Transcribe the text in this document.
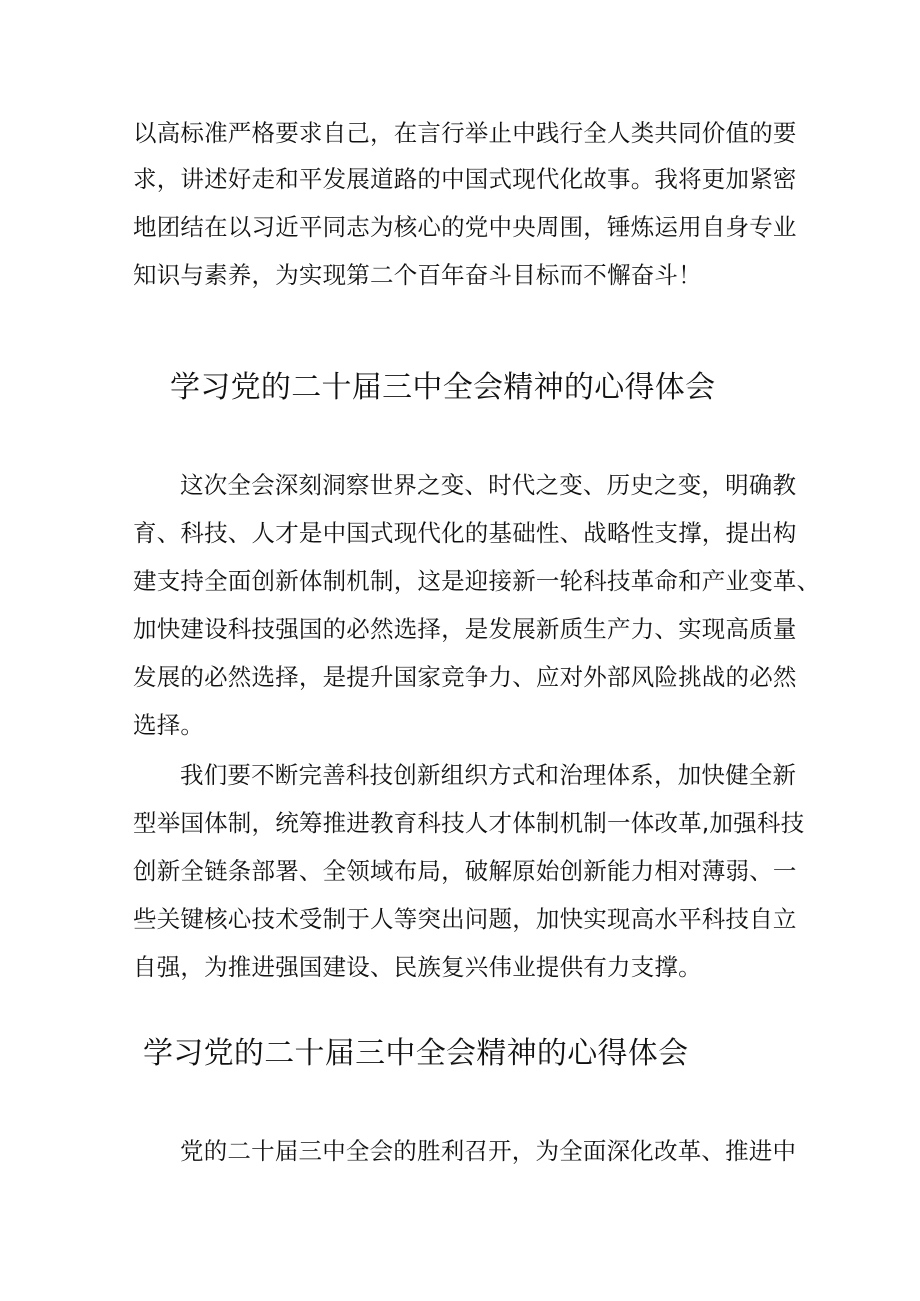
以高标准严格要求自己，在言行举止中践行全人类共同价值的要
求，讲述好走和平发展道路的中国式现代化故事。我将更加紧密
地团结在以习近平同志为核心的党中央周围，锤炼运用自身专业
知识与素养，为实现第二个百年奋斗目标而不懈奋斗！
学习党的二十届三中全会精神的心得体会
这次全会深刻洞察世界之变、时代之变、历史之变，明确教
育、科技、人才是中国式现代化的基础性、战略性支撑，提出构
建支持全面创新体制机制，这是迎接新一轮科技革命和产业变革、
加快建设科技强国的必然选择，是发展新质生产力、实现高质量
发展的必然选择，是提升国家竞争力、应对外部风险挑战的必然
选择。
我们要不断完善科技创新组织方式和治理体系，加快健全新
型举国体制，统筹推进教育科技人才体制机制一体改革,加强科技
创新全链条部署、全领域布局，破解原始创新能力相对薄弱、一
些关键核心技术受制于人等突出问题，加快实现高水平科技自立
自强，为推进强国建设、民族复兴伟业提供有力支撑。
学习党的二十届三中全会精神的心得体会
党的二十届三中全会的胜利召开，为全面深化改革、推进中
